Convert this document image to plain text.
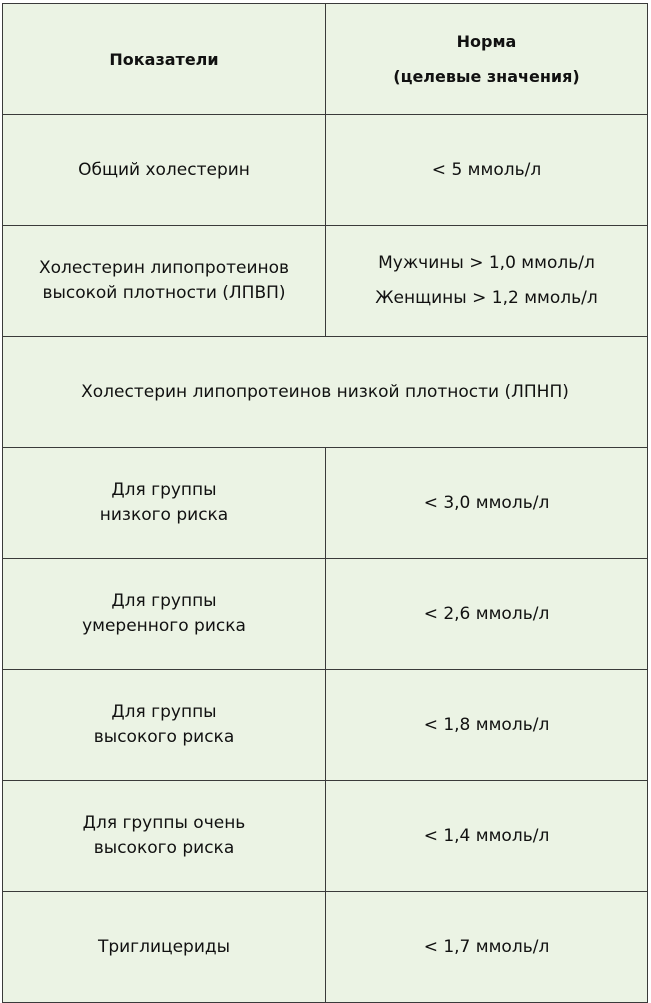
Показатели
Норма
(целевые значения)
Общий холестерин	< 5 ммоль/л
Холестерин липопротеинов
высокой плотности (ЛПВП)
Мужчины > 1,0 ммоль/л
Женщины > 1,2 ммоль/л
Холестерин липопротеинов низкой плотности (ЛПНП)
Для группы
низкого риска
< 3,0 ммоль/л
Для группы
умеренного риска
< 2,6 ммоль/л
Для группы
высокого риска
< 1,8 ммоль/л
Для группы очень
высокого риска
< 1,4 ммоль/л
Триглицериды	< 1,7 ммоль/л
